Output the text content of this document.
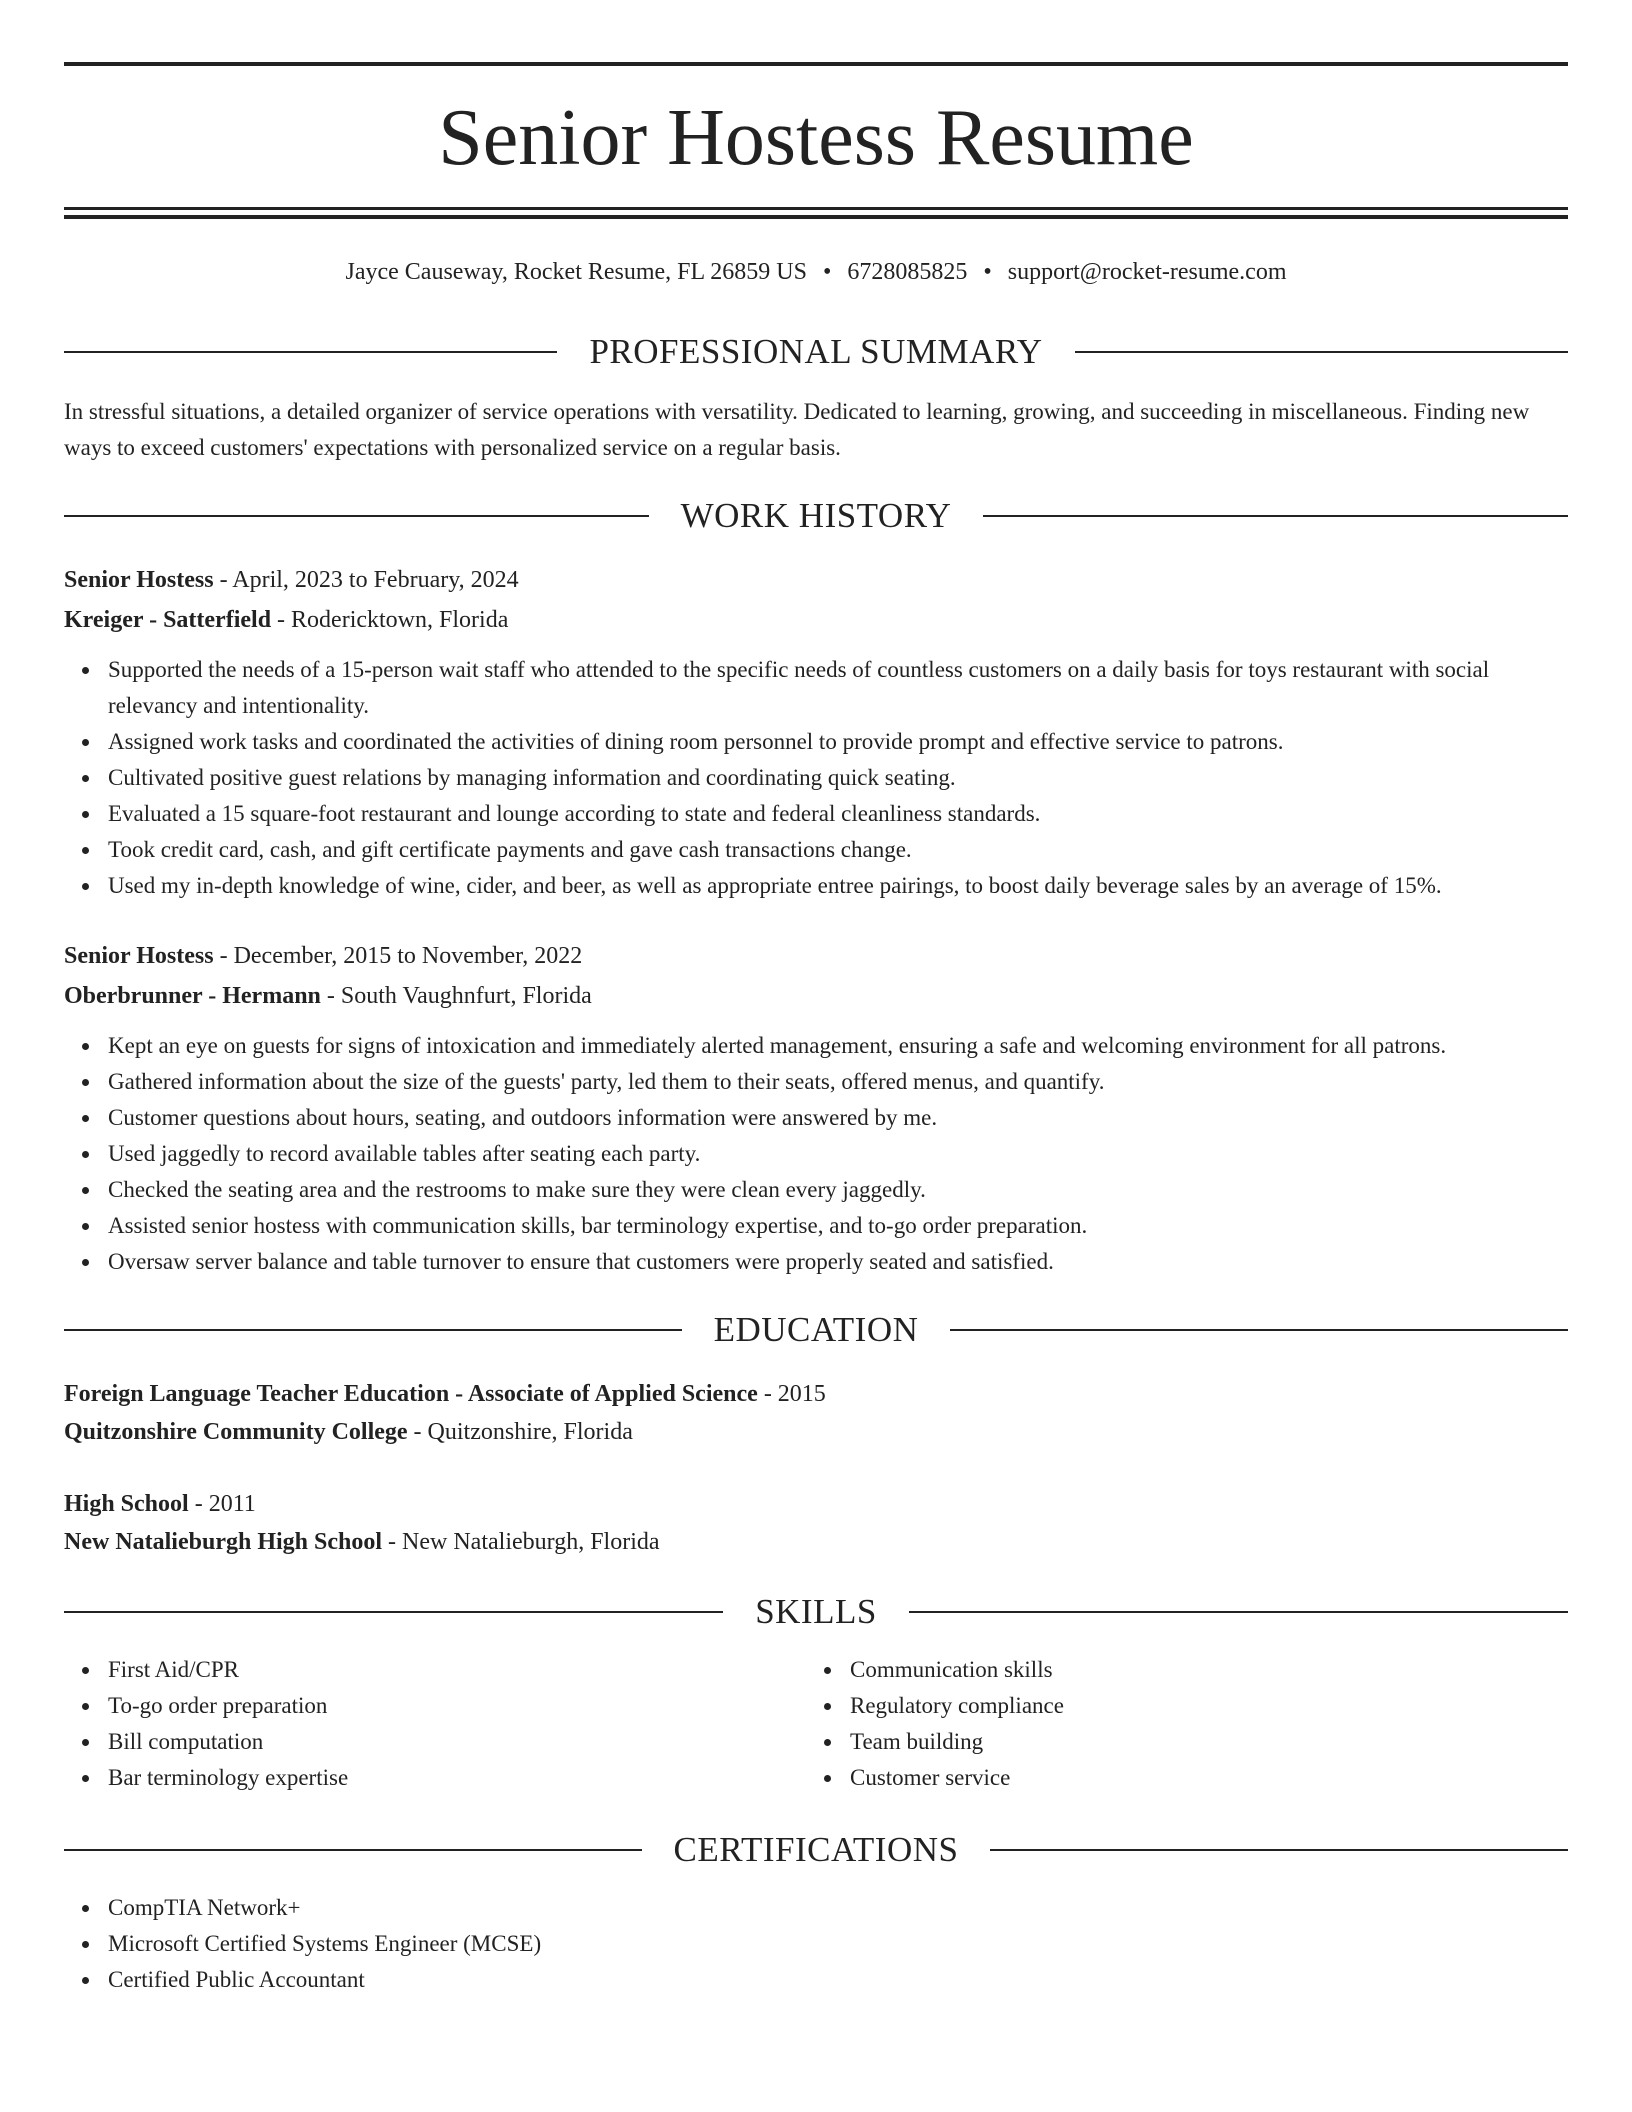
Senior Hostess Resume
Jayce Causeway, Rocket Resume, FL 26859 US • 6728085825 • support@rocket-resume.com
PROFESSIONAL SUMMARY
In stressful situations, a detailed organizer of service operations with versatility. Dedicated to learning, growing, and succeeding in miscellaneous. Finding new ways to exceed customers' expectations with personalized service on a regular basis.
WORK HISTORY
Senior Hostess - April, 2023 to February, 2024
Kreiger - Satterfield - Rodericktown, Florida
Supported the needs of a 15-person wait staff who attended to the specific needs of countless customers on a daily basis for toys restaurant with social relevancy and intentionality.
Assigned work tasks and coordinated the activities of dining room personnel to provide prompt and effective service to patrons.
Cultivated positive guest relations by managing information and coordinating quick seating.
Evaluated a 15 square-foot restaurant and lounge according to state and federal cleanliness standards.
Took credit card, cash, and gift certificate payments and gave cash transactions change.
Used my in-depth knowledge of wine, cider, and beer, as well as appropriate entree pairings, to boost daily beverage sales by an average of 15%.
Senior Hostess - December, 2015 to November, 2022
Oberbrunner - Hermann - South Vaughnfurt, Florida
Kept an eye on guests for signs of intoxication and immediately alerted management, ensuring a safe and welcoming environment for all patrons.
Gathered information about the size of the guests' party, led them to their seats, offered menus, and quantify.
Customer questions about hours, seating, and outdoors information were answered by me.
Used jaggedly to record available tables after seating each party.
Checked the seating area and the restrooms to make sure they were clean every jaggedly.
Assisted senior hostess with communication skills, bar terminology expertise, and to-go order preparation.
Oversaw server balance and table turnover to ensure that customers were properly seated and satisfied.
EDUCATION
Foreign Language Teacher Education - Associate of Applied Science - 2015
Quitzonshire Community College - Quitzonshire, Florida
High School - 2011
New Natalieburgh High School - New Natalieburgh, Florida
SKILLS
First Aid/CPR
To-go order preparation
Bill computation
Bar terminology expertise
Communication skills
Regulatory compliance
Team building
Customer service
CERTIFICATIONS
CompTIA Network+
Microsoft Certified Systems Engineer (MCSE)
Certified Public Accountant
